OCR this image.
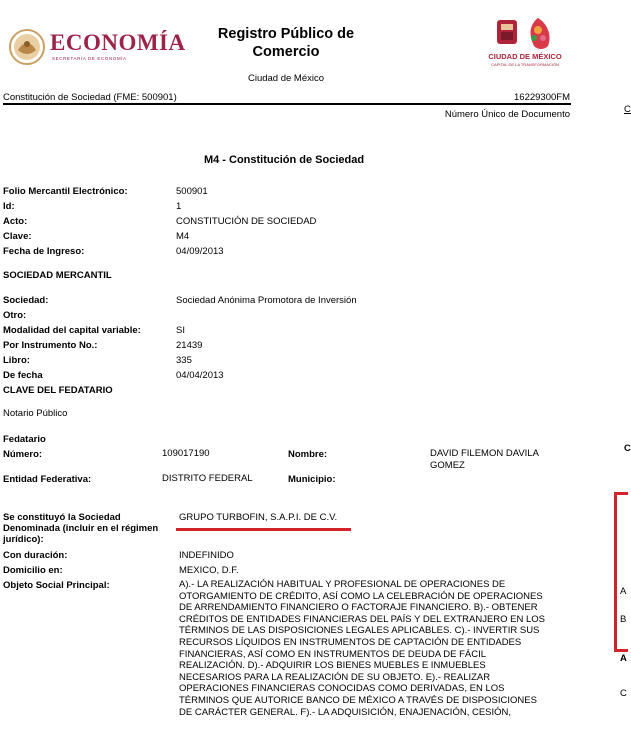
ECONOMÍA
SECRETARÍA DE ECONOMÍA
Registro Público de Comercio
Ciudad de México
CIUDAD DE MÉXICO
CAPITAL DE LA TRANSFORMACIÓN
Constitución de Sociedad (FME: 500901)	16229300FM
Número Único de Documento
M4 - Constitución de Sociedad
Folio Mercantil Electrónico:	500901
Id:	1
Acto:	CONSTITUCIÓN DE SOCIEDAD
Clave:	M4
Fecha de Ingreso:	04/09/2013
SOCIEDAD MERCANTIL
Sociedad:	Sociedad Anónima Promotora de Inversión
Otro:
Modalidad del capital variable:	SI
Por Instrumento No.:	21439
Libro:	335
De fecha	04/04/2013
CLAVE DEL FEDATARIO
Notario Público
Fedatario
Número:	109017190	Nombre:	DAVID FILEMON DAVILA
GOMEZ
Entidad Federativa:	DISTRITO FEDERAL	Municipio:
Se constituyó la Sociedad
Denominada (incluir en el régimen
jurídico):
GRUPO TURBOFIN, S.A.P.I. DE C.V.
Con duración:	INDEFINIDO
Domicilio en:	MEXICO, D.F.
Objeto Social Principal:	A).- LA REALIZACIÓN HABITUAL Y PROFESIONAL DE OPERACIONES DE
OTORGAMIENTO DE CRÉDITO, ASÍ COMO LA CELEBRACIÓN DE OPERACIONES
DE ARRENDAMIENTO FINANCIERO O FACTORAJE FINANCIERO. B).- OBTENER
CRÉDITOS DE ENTIDADES FINANCIERAS DEL PAÍS Y DEL EXTRANJERO EN LOS
TÉRMINOS DE LAS DISPOSICIONES LEGALES APLICABLES. C).- INVERTIR SUS
RECURSOS LÍQUIDOS EN INSTRUMENTOS DE CAPTACIÓN DE ENTIDADES
FINANCIERAS, ASÍ COMO EN INSTRUMENTOS DE DEUDA DE FÁCIL
REALIZACIÓN. D).- ADQUIRIR LOS BIENES MUEBLES E INMUEBLES
NECESARIOS PARA LA REALIZACIÓN DE SU OBJETO. E).- REALIZAR
OPERACIONES FINANCIERAS CONOCIDAS COMO DERIVADAS, EN LOS
TÉRMINOS QUE AUTORICE BANCO DE MÉXICO A TRAVÉS DE DISPOSICIONES
DE CARÁCTER GENERAL. F).- LA ADQUISICIÓN, ENAJENACIÓN, CESIÓN,
C
C
A
B
A
C
